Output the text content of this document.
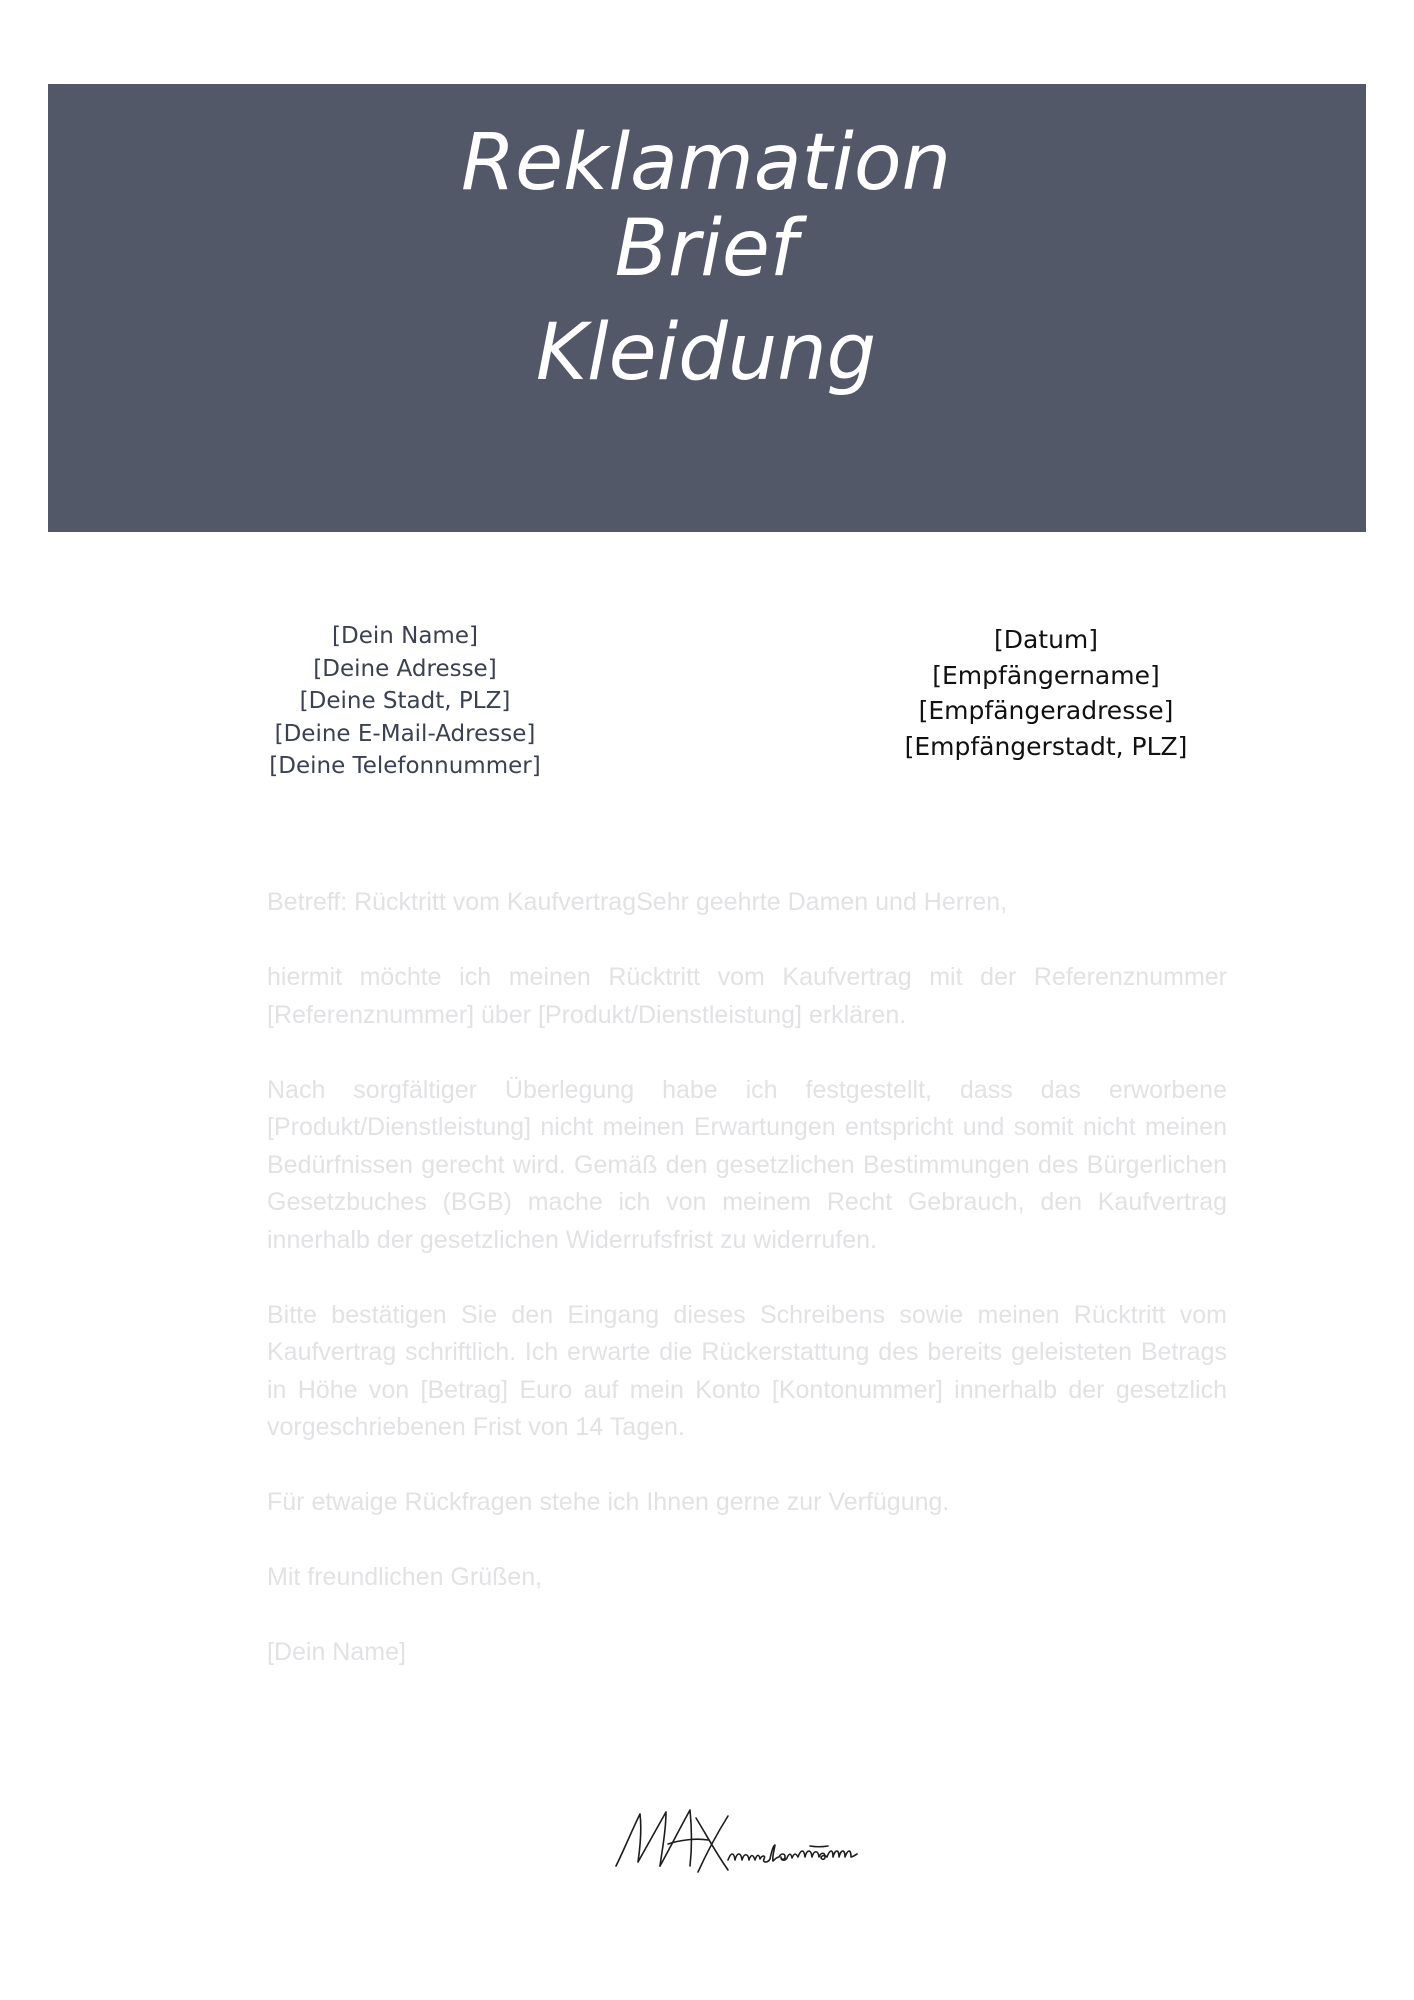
Reklamation
Brief
Kleidung
[Dein Name]
[Deine Adresse]
[Deine Stadt, PLZ]
[Deine E-Mail-Adresse]
[Deine Telefonnummer]
[Datum]
[Empfängername]
[Empfängeradresse]
[Empfängerstadt, PLZ]

Betreff: Rücktritt vom KaufvertragSehr geehrte Damen und Herren,

hiermit möchte ich meinen Rücktritt vom Kaufvertrag mit der Referenznummer [Referenznummer] über [Produkt/Dienstleistung] erklären.

Nach sorgfältiger Überlegung habe ich festgestellt, dass das erworbene [Produkt/Dienstleistung] nicht meinen Erwartungen entspricht und somit nicht meinen Bedürfnissen gerecht wird. Gemäß den gesetzlichen Bestimmungen des Bürgerlichen Gesetzbuches (BGB) mache ich von meinem Recht Gebrauch, den Kaufvertrag innerhalb der gesetzlichen Widerrufsfrist zu widerrufen.

Bitte bestätigen Sie den Eingang dieses Schreibens sowie meinen Rücktritt vom Kaufvertrag schriftlich. Ich erwarte die Rückerstattung des bereits geleisteten Betrags in Höhe von [Betrag] Euro auf mein Konto [Kontonummer] innerhalb der gesetzlich vorgeschriebenen Frist von 14 Tagen.

Für etwaige Rückfragen stehe ich Ihnen gerne zur Verfügung.

Mit freundlichen Grüßen,

[Dein Name]
